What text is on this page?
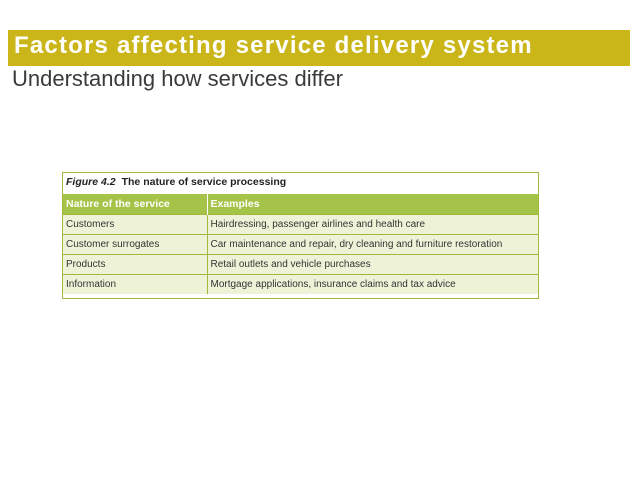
Factors affecting service delivery system
Understanding how services differ
Figure 4.2 The nature of service processing
Nature of the service	Examples
Customers	Hairdressing, passenger airlines and health care
Customer surrogates	Car maintenance and repair, dry cleaning and furniture restoration
Products	Retail outlets and vehicle purchases
Information	Mortgage applications, insurance claims and tax advice
